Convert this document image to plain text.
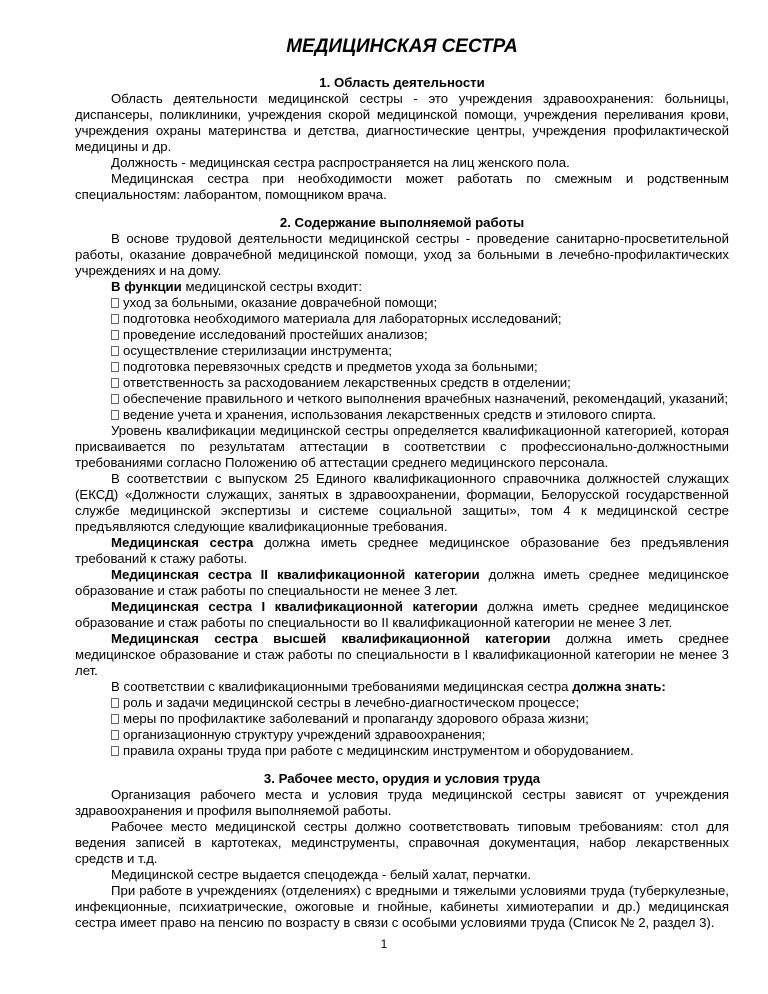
МЕДИЦИНСКАЯ СЕСТРА
1. Область деятельности

Область деятельности медицинской сестры - это учреждения здравоохранения: больницы, диспансеры, поликлиники, учреждения скорой медицинской помощи, учреждения переливания крови, учреждения охраны материнства и детства, диагностические центры, учреждения профилактической медицины и др.

Должность - медицинская сестра распространяется на лиц женского пола.

Медицинская сестра при необходимости может работать по смежным и родственным специальностям: лаборантом, помощником врача.

2. Содержание выполняемой работы

В основе трудовой деятельности медицинской сестры - проведение санитарно-просветительной работы, оказание доврачебной медицинской помощи, уход за больными в лечебно-профилактических учреждениях и на дому.

В функции медицинской сестры входит:

уход за больными, оказание доврачебной помощи;

подготовка необходимого материала для лабораторных исследований;

проведение исследований простейших анализов;

осуществление стерилизации инструмента;

подготовка перевязочных средств и предметов ухода за больными;

ответственность за расходованием лекарственных средств в отделении;

обеспечение правильного и четкого выполнения врачебных назначений, рекомендаций, указаний;

ведение учета и хранения, использования лекарственных средств и этилового спирта.

Уровень квалификации медицинской сестры определяется квалификационной категорией, которая присваивается по результатам аттестации в соответствии с профессионально-должностными требованиями согласно Положению об аттестации среднего медицинского персонала.

В соответствии с выпуском 25 Единого квалификационного справочника должностей служащих (ЕКСД) «Должности служащих, занятых в здравоохранении, формации, Белорусской государственной службе медицинской экспертизы и системе социальной защиты», том 4 к медицинской сестре предъявляются следующие квалификационные требования.

Медицинская сестра должна иметь среднее медицинское образование без предъявления требований к стажу работы.

Медицинская сестра II квалификационной категории должна иметь среднее медицинское образование и стаж работы по специальности не менее 3 лет.

Медицинская сестра I квалификационной категории должна иметь среднее медицинское образование и стаж работы по специальности во II квалификационной категории не менее 3 лет.

Медицинская сестра высшей квалификационной категории должна иметь среднее медицинское образование и стаж работы по специальности в I квалификационной категории не менее 3 лет.

В соответствии с квалификационными требованиями медицинская сестра должна знать:

роль и задачи медицинской сестры в лечебно-диагностическом процессе;

меры по профилактике заболеваний и пропаганду здорового образа жизни;

организационную структуру учреждений здравоохранения;

правила охраны труда при работе с медицинским инструментом и оборудованием.

3. Рабочее место, орудия и условия труда

Организация рабочего места и условия труда медицинской сестры зависят от учреждения здравоохранения и профиля выполняемой работы.

Рабочее место медицинской сестры должно соответствовать типовым требованиям: стол для ведения записей в картотеках, мединструменты, справочная документация, набор лекарственных средств и т.д.

Медицинской сестре выдается спецодежда - белый халат, перчатки.

При работе в учреждениях (отделениях) с вредными и тяжелыми условиями труда (туберкулезные, инфекционные, психиатрические, ожоговые и гнойные, кабинеты химиотерапии и др.) медицинская сестра имеет право на пенсию по возрасту в связи с особыми условиями труда (Список № 2, раздел 3).

1
